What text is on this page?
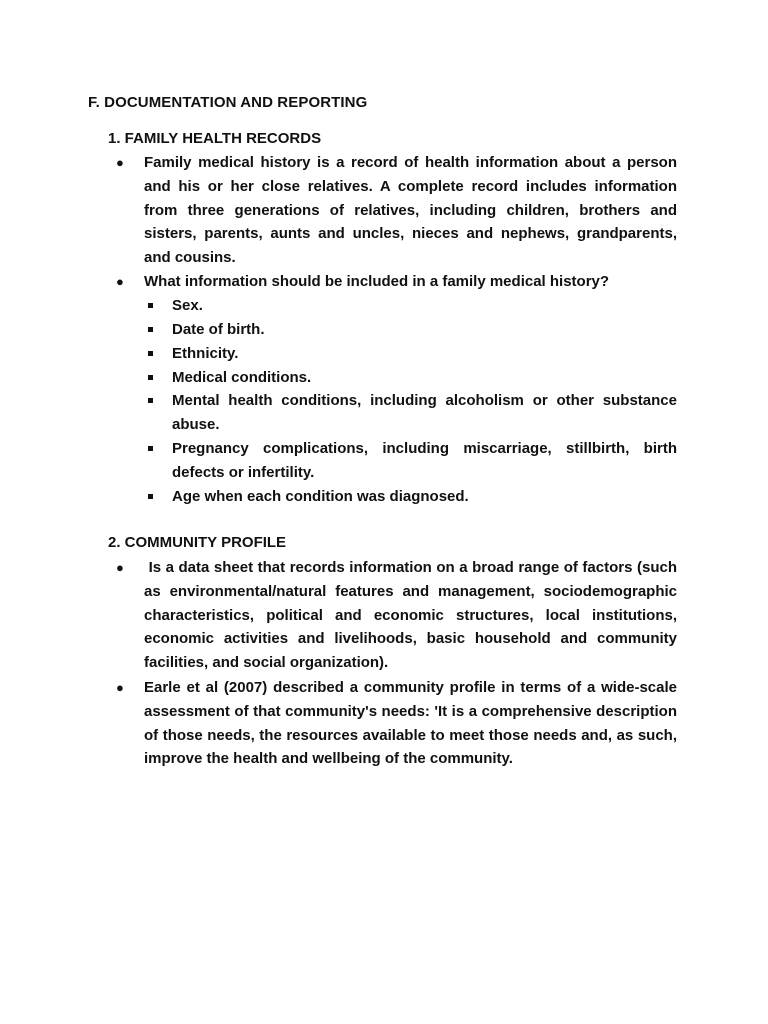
F. DOCUMENTATION AND REPORTING
1. FAMILY HEALTH RECORDS
● Family medical history is a record of health information about a person and his or her close relatives. A complete record includes information from three generations of relatives, including children, brothers and sisters, parents, aunts and uncles, nieces and nephews, grandparents, and cousins.
● What information should be included in a family medical history?
Sex.
Date of birth.
Ethnicity.
Medical conditions.
Mental health conditions, including alcoholism or other substance abuse.
Pregnancy complications, including miscarriage, stillbirth, birth defects or infertility.
Age when each condition was diagnosed.
2. COMMUNITY PROFILE
● Is a data sheet that records information on a broad range of factors (such as environmental/natural features and management, sociodemographic characteristics, political and economic structures, local institutions, economic activities and livelihoods, basic household and community facilities, and social organization).
● Earle et al (2007) described a community profile in terms of a wide-scale assessment of that community's needs: 'It is a comprehensive description of those needs, the resources available to meet those needs and, as such, improve the health and wellbeing of the community.
